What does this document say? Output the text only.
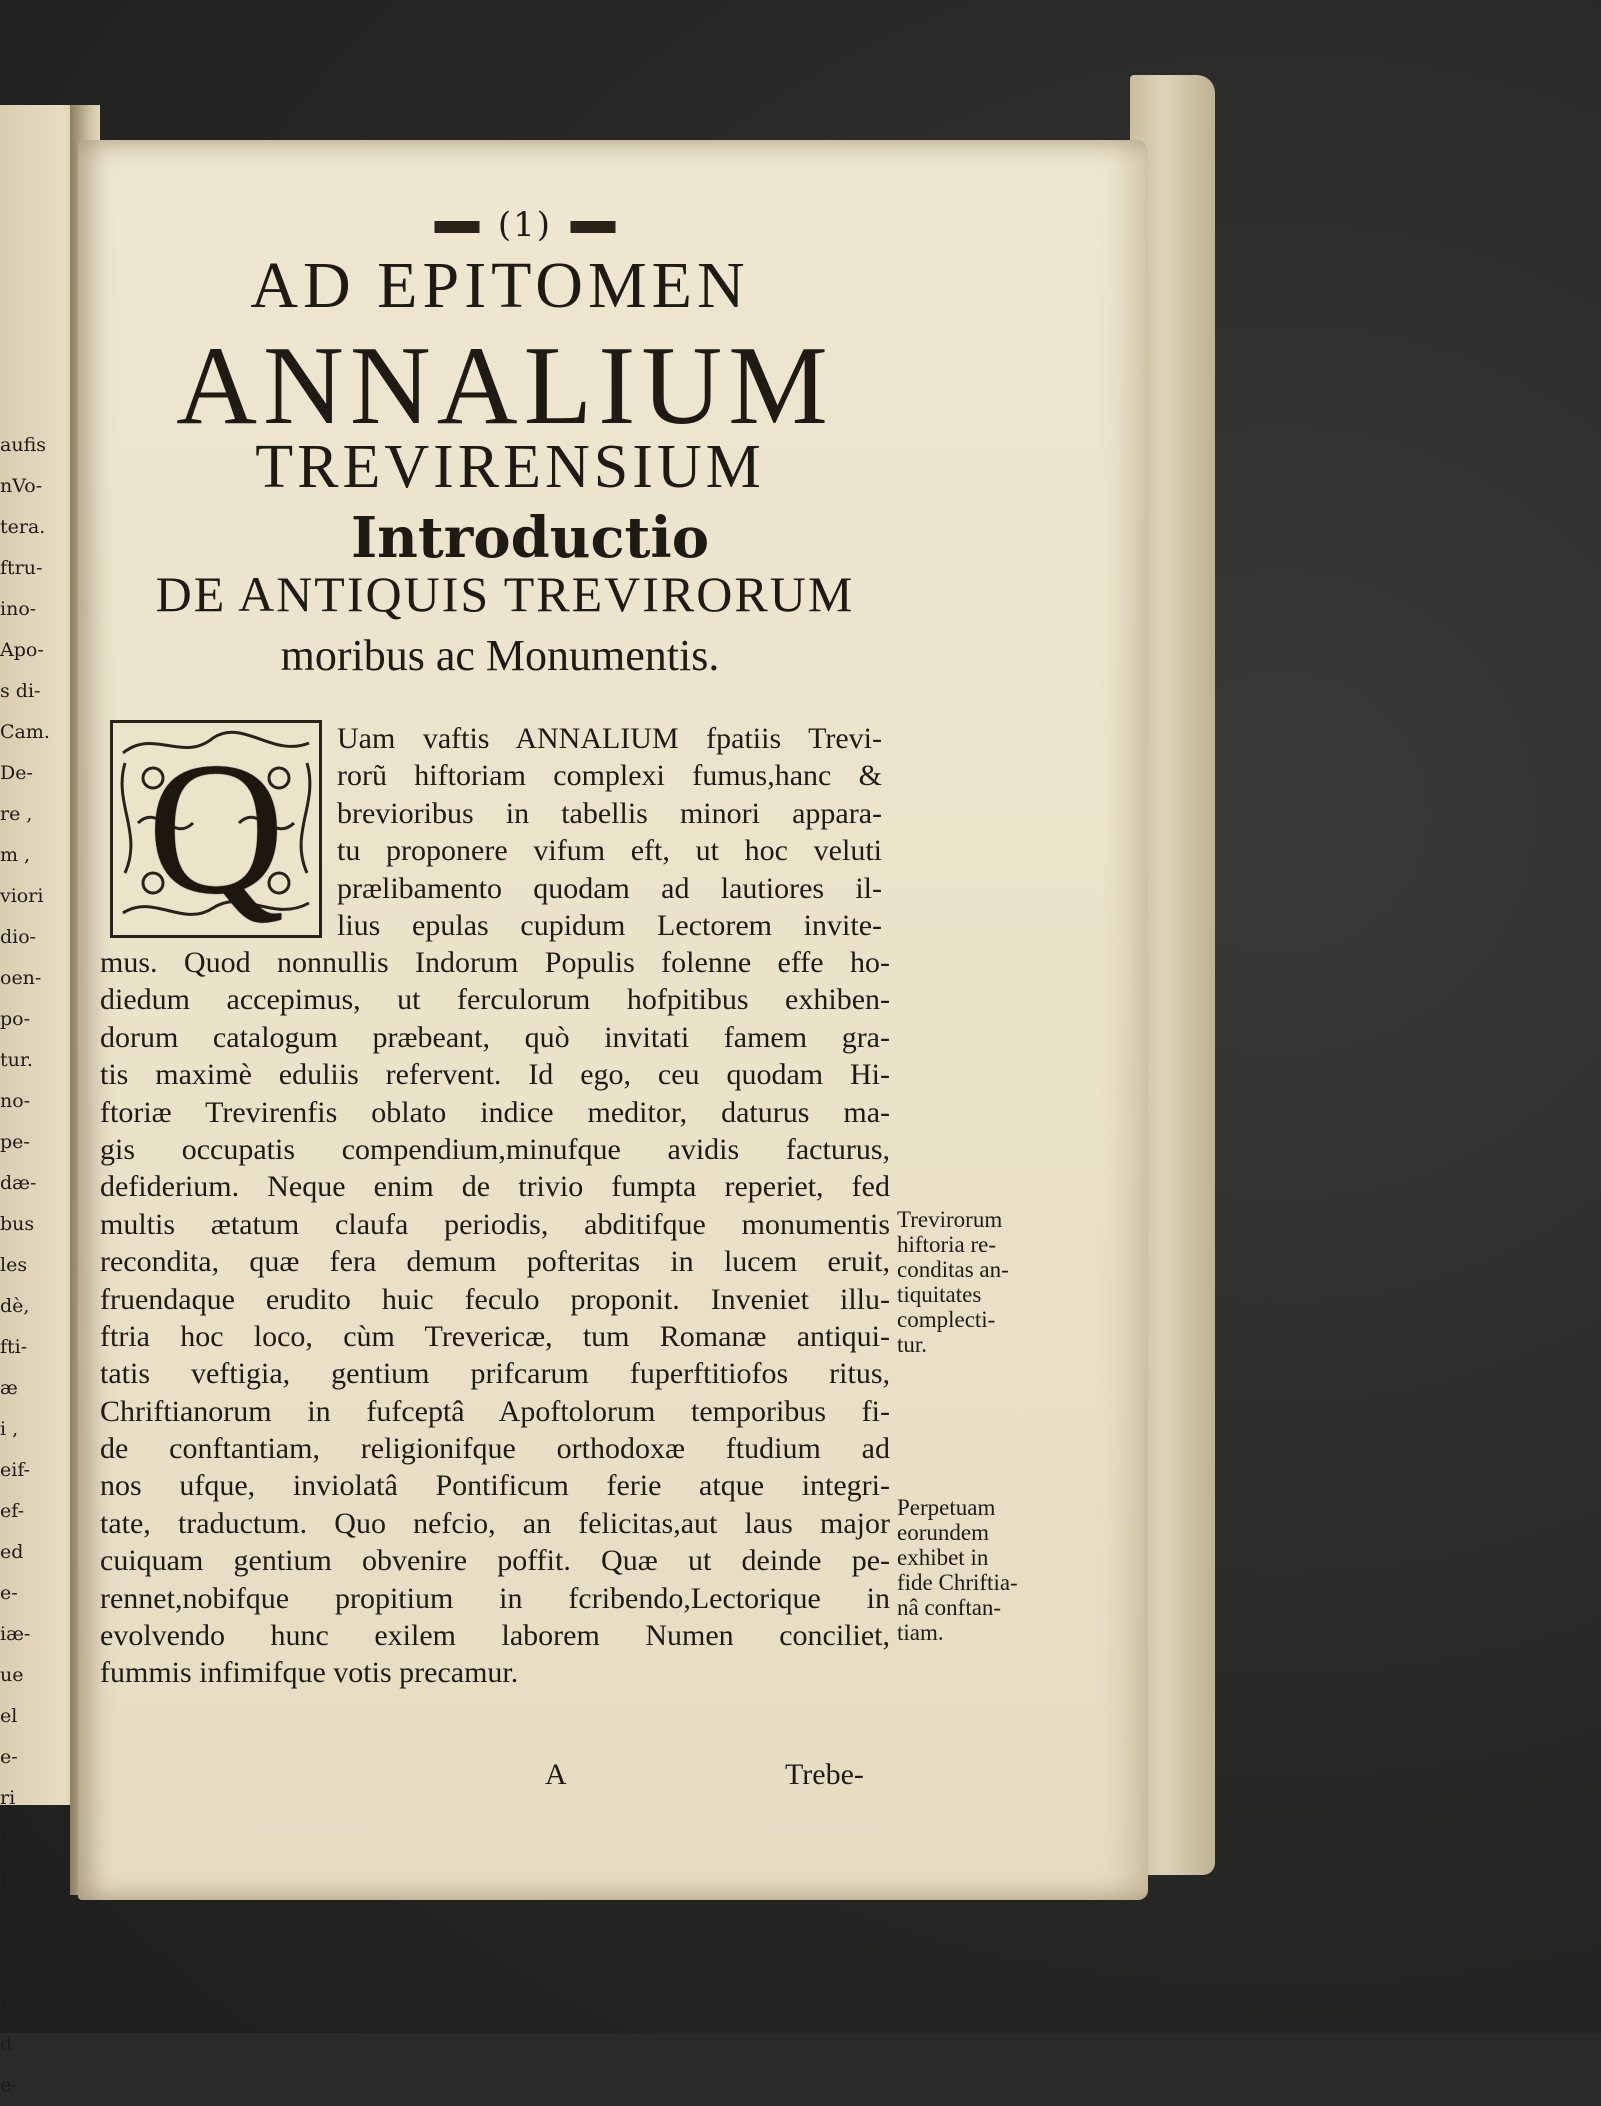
aufis
nVo-
tera.
ftru-
ino-
Apo-
s di-
Cam.
De-
re ,
m ,
viori
dio-
oen-
po-
tur.
no-
pe-
dæ-
bus
les
dè,
fti-
æ
i ,
eif-
ef-
ed
e-
iæ-
ue
el
e-
ri
i-
i-
:
i
d
e-
(1)
AD EPITOMEN
ANNALIUM
TREVIRENSIUM
Introductio
DE ANTIQUIS TREVIRORUM
moribus ac Monumentis.
Q	Uam vaftis ANNALIUM fpatiis Trevi-
rorũ hiftoriam complexi fumus,hanc &
brevioribus in tabellis minori appara-
tu proponere vifum eft, ut hoc veluti
prælibamento quodam ad lautiores il-
lius epulas cupidum Lectorem invite-
mus. Quod nonnullis Indorum Populis folenne effe ho-
diedum accepimus, ut ferculorum hofpitibus exhiben-
dorum catalogum præbeant, quò invitati famem gra-
tis maximè eduliis refervent. Id ego, ceu quodam Hi-
ftoriæ Trevirenfis oblato indice meditor, daturus ma-
gis occupatis compendium,minufque avidis facturus,
defiderium. Neque enim de trivio fumpta reperiet, fed
multis ætatum claufa periodis, abditifque monumentis
recondita, quæ fera demum pofteritas in lucem eruit,
fruendaque erudito huic feculo proponit. Inveniet illu-
ftria hoc loco, cùm Trevericæ, tum Romanæ antiqui-
tatis veftigia, gentium prifcarum fuperftitiofos ritus,
Chriftianorum in fufceptâ Apoftolorum temporibus fi-
de conftantiam, religionifque orthodoxæ ftudium ad
nos ufque, inviolatâ Pontificum ferie atque integri-
tate, traductum. Quo nefcio, an felicitas,aut laus major
cuiquam gentium obvenire poffit. Quæ ut deinde pe-
rennet,nobifque propitium in fcribendo,Lectorique in
evolvendo hunc exilem laborem Numen conciliet,
fummis infimifque votis precamur.
Trevirorum
hiftoria re-
conditas an-
tiquitates
complecti-
tur.
Perpetuam
eorundem
exhibet in
fide Chriftia-
nâ conftan-
tiam.
A	Trebe-
